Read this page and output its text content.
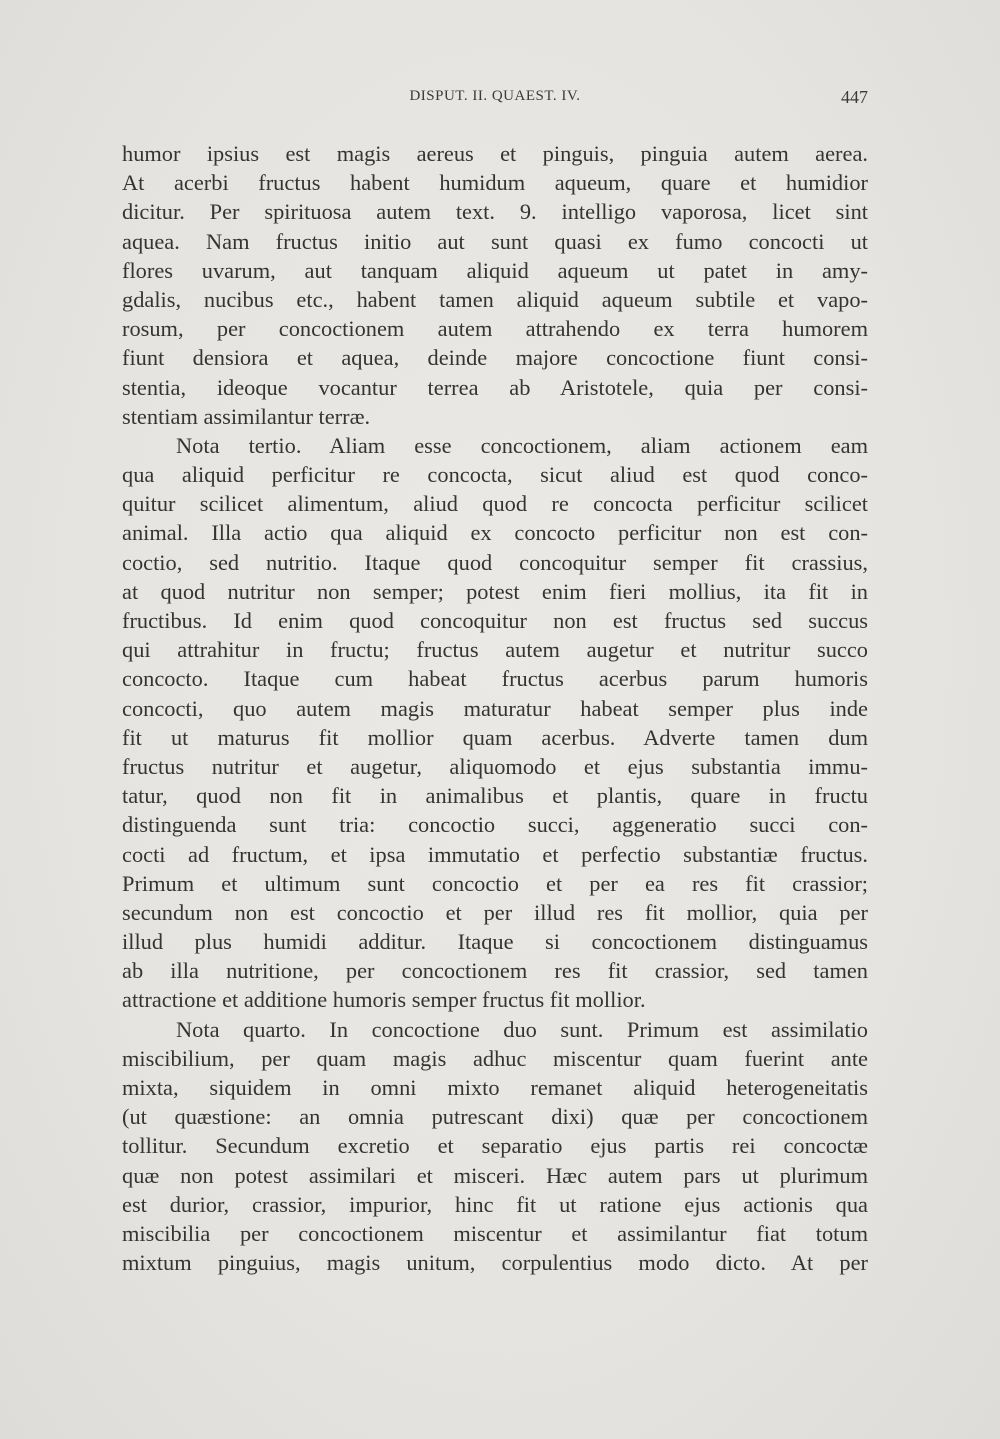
DISPUT. II. QUAEST. IV.	447
humor ipsius est magis aereus et pinguis, pinguia autem aerea.
At acerbi fructus habent humidum aqueum, quare et humidior
dicitur. Per spirituosa autem text. 9. intelligo vaporosa, licet sint
aquea. Nam fructus initio aut sunt quasi ex fumo concocti ut
flores uvarum, aut tanquam aliquid aqueum ut patet in amy-
gdalis, nucibus etc., habent tamen aliquid aqueum subtile et vapo-
rosum, per concoctionem autem attrahendo ex terra humorem
fiunt densiora et aquea, deinde majore concoctione fiunt consi-
stentia, ideoque vocantur terrea ab Aristotele, quia per consi-
stentiam assimilantur terræ.
Nota tertio. Aliam esse concoctionem, aliam actionem eam
qua aliquid perficitur re concocta, sicut aliud est quod conco-
quitur scilicet alimentum, aliud quod re concocta perficitur scilicet
animal. Illa actio qua aliquid ex concocto perficitur non est con-
coctio, sed nutritio. Itaque quod concoquitur semper fit crassius,
at quod nutritur non semper; potest enim fieri mollius, ita fit in
fructibus. Id enim quod concoquitur non est fructus sed succus
qui attrahitur in fructu; fructus autem augetur et nutritur succo
concocto. Itaque cum habeat fructus acerbus parum humoris
concocti, quo autem magis maturatur habeat semper plus inde
fit ut maturus fit mollior quam acerbus. Adverte tamen dum
fructus nutritur et augetur, aliquomodo et ejus substantia immu-
tatur, quod non fit in animalibus et plantis, quare in fructu
distinguenda sunt tria: concoctio succi, aggeneratio succi con-
cocti ad fructum, et ipsa immutatio et perfectio substantiæ fructus.
Primum et ultimum sunt concoctio et per ea res fit crassior;
secundum non est concoctio et per illud res fit mollior, quia per
illud plus humidi additur. Itaque si concoctionem distinguamus
ab illa nutritione, per concoctionem res fit crassior, sed tamen
attractione et additione humoris semper fructus fit mollior.
Nota quarto. In concoctione duo sunt. Primum est assimilatio
miscibilium, per quam magis adhuc miscentur quam fuerint ante
mixta, siquidem in omni mixto remanet aliquid heterogeneitatis
(ut quæstione: an omnia putrescant dixi) quæ per concoctionem
tollitur. Secundum excretio et separatio ejus partis rei concoctæ
quæ non potest assimilari et misceri. Hæc autem pars ut plurimum
est durior, crassior, impurior, hinc fit ut ratione ejus actionis qua
miscibilia per concoctionem miscentur et assimilantur fiat totum
mixtum pinguius, magis unitum, corpulentius modo dicto. At per
